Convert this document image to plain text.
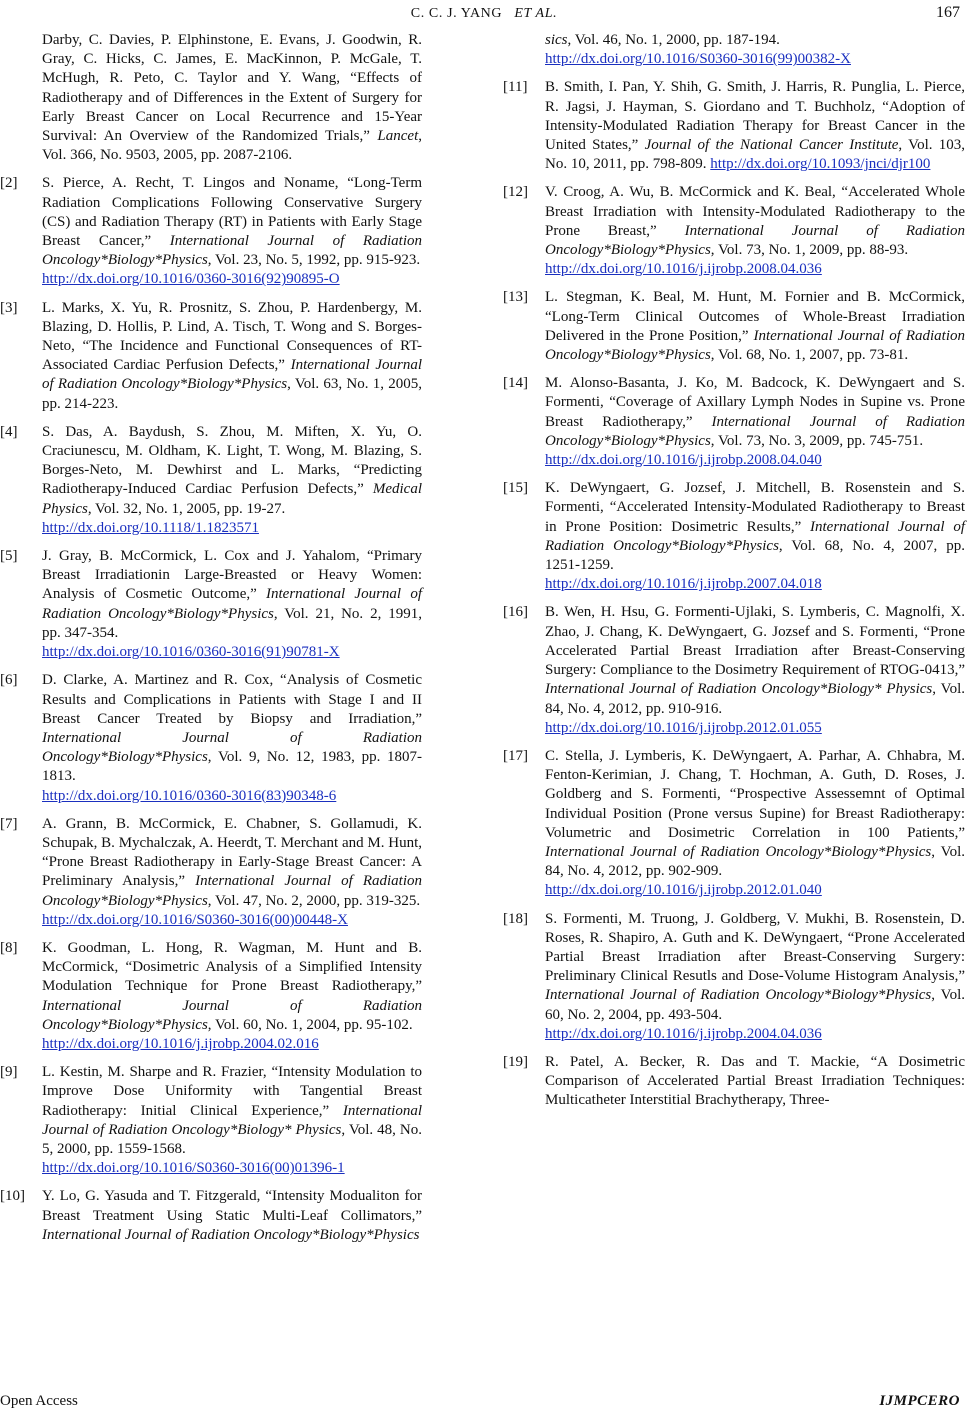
C. C. J. YANG ET AL.	167
Darby, C. Davies, P. Elphinstone, E. Evans, J. Goodwin, R. Gray, C. Hicks, C. James, E. MacKinnon, P. McGale, T. McHugh, R. Peto, C. Taylor and Y. Wang, “Effects of Radiotherapy and of Differences in the Extent of Surgery for Early Breast Cancer on Local Recurrence and 15-Year Survival: An Overview of the Randomized Trials,” Lancet, Vol. 366, No. 9503, 2005, pp. 2087-2106.
[2] S. Pierce, A. Recht, T. Lingos and Noname, “Long-Term Radiation Complications Following Conservative Surgery (CS) and Radiation Therapy (RT) in Patients with Early Stage Breast Cancer,” International Journal of Radiation Oncology*Biology*Physics, Vol. 23, No. 5, 1992, pp. 915-923.
http://dx.doi.org/10.1016/0360-3016(92)90895-O
[3] L. Marks, X. Yu, R. Prosnitz, S. Zhou, P. Hardenbergy, M. Blazing, D. Hollis, P. Lind, A. Tisch, T. Wong and S. Borges-Neto, “The Incidence and Functional Consequences of RT-Associated Cardiac Perfusion Defects,” International Journal of Radiation Oncology*Biology*Physics, Vol. 63, No. 1, 2005, pp. 214-223.
[4] S. Das, A. Baydush, S. Zhou, M. Miften, X. Yu, O. Craciunescu, M. Oldham, K. Light, T. Wong, M. Blazing, S. Borges-Neto, M. Dewhirst and L. Marks, “Predicting Radiotherapy-Induced Cardiac Perfusion Defects,” Medical Physics, Vol. 32, No. 1, 2005, pp. 19-27.
http://dx.doi.org/10.1118/1.1823571
[5] J. Gray, B. McCormick, L. Cox and J. Yahalom, “Primary Breast Irradiationin Large-Breasted or Heavy Women: Analysis of Cosmetic Outcome,” International Journal of Radiation Oncology*Biology*Physics, Vol. 21, No. 2, 1991, pp. 347-354.
http://dx.doi.org/10.1016/0360-3016(91)90781-X
[6] D. Clarke, A. Martinez and R. Cox, “Analysis of Cosmetic Results and Complications in Patients with Stage I and II Breast Cancer Treated by Biopsy and Irradiation,” International Journal of Radiation Oncology*Biology*Physics, Vol. 9, No. 12, 1983, pp. 1807-1813.
http://dx.doi.org/10.1016/0360-3016(83)90348-6
[7] A. Grann, B. McCormick, E. Chabner, S. Gollamudi, K. Schupak, B. Mychalczak, A. Heerdt, T. Merchant and M. Hunt, “Prone Breast Radiotherapy in Early-Stage Breast Cancer: A Preliminary Analysis,” International Journal of Radiation Oncology*Biology*Physics, Vol. 47, No. 2, 2000, pp. 319-325.
http://dx.doi.org/10.1016/S0360-3016(00)00448-X
[8] K. Goodman, L. Hong, R. Wagman, M. Hunt and B. McCormick, “Dosimetric Analysis of a Simplified Intensity Modulation Technique for Prone Breast Radiotherapy,” International Journal of Radiation Oncology*Biology*Physics, Vol. 60, No. 1, 2004, pp. 95-102.
http://dx.doi.org/10.1016/j.ijrobp.2004.02.016
[9] L. Kestin, M. Sharpe and R. Frazier, “Intensity Modulation to Improve Dose Uniformity with Tangential Breast Radiotherapy: Initial Clinical Experience,” International Journal of Radiation Oncology*Biology* Physics, Vol. 48, No. 5, 2000, pp. 1559-1568.
http://dx.doi.org/10.1016/S0360-3016(00)01396-1
[10] Y. Lo, G. Yasuda and T. Fitzgerald, “Intensity Modualiton for Breast Treatment Using Static Multi-Leaf Collimators,” International Journal of Radiation Oncology*Biology*Physics
sics, Vol. 46, No. 1, 2000, pp. 187-194.
http://dx.doi.org/10.1016/S0360-3016(99)00382-X
[11] B. Smith, I. Pan, Y. Shih, G. Smith, J. Harris, R. Punglia, L. Pierce, R. Jagsi, J. Hayman, S. Giordano and T. Buchholz, “Adoption of Intensity-Modulated Radiation Therapy for Breast Cancer in the United States,” Journal of the National Cancer Institute, Vol. 103, No. 10, 2011, pp. 798-809. http://dx.doi.org/10.1093/jnci/djr100
[12] V. Croog, A. Wu, B. McCormick and K. Beal, “Accelerated Whole Breast Irradiation with Intensity-Modulated Radiotherapy to the Prone Breast,” International Journal of Radiation Oncology*Biology*Physics, Vol. 73, No. 1, 2009, pp. 88-93.
http://dx.doi.org/10.1016/j.ijrobp.2008.04.036
[13] L. Stegman, K. Beal, M. Hunt, M. Fornier and B. McCormick, “Long-Term Clinical Outcomes of Whole-Breast Irradiation Delivered in the Prone Position,” International Journal of Radiation Oncology*Biology*Physics, Vol. 68, No. 1, 2007, pp. 73-81.
[14] M. Alonso-Basanta, J. Ko, M. Badcock, K. DeWyngaert and S. Formenti, “Coverage of Axillary Lymph Nodes in Supine vs. Prone Breast Radiotherapy,” International Journal of Radiation Oncology*Biology*Physics, Vol. 73, No. 3, 2009, pp. 745-751.
http://dx.doi.org/10.1016/j.ijrobp.2008.04.040
[15] K. DeWyngaert, G. Jozsef, J. Mitchell, B. Rosenstein and S. Formenti, “Accelerated Intensity-Modulated Radiotherapy to Breast in Prone Position: Dosimetric Results,” International Journal of Radiation Oncology*Biology*Physics, Vol. 68, No. 4, 2007, pp. 1251-1259.
http://dx.doi.org/10.1016/j.ijrobp.2007.04.018
[16] B. Wen, H. Hsu, G. Formenti-Ujlaki, S. Lymberis, C. Magnolfi, X. Zhao, J. Chang, K. DeWyngaert, G. Jozsef and S. Formenti, “Prone Accelerated Partial Breast Irradiation after Breast-Conserving Surgery: Compliance to the Dosimetry Requirement of RTOG-0413,” International Journal of Radiation Oncology*Biology* Physics, Vol. 84, No. 4, 2012, pp. 910-916.
http://dx.doi.org/10.1016/j.ijrobp.2012.01.055
[17] C. Stella, J. Lymberis, K. DeWyngaert, A. Parhar, A. Chhabra, M. Fenton-Kerimian, J. Chang, T. Hochman, A. Guth, D. Roses, J. Goldberg and S. Formenti, “Prospective Assessemnt of Optimal Individual Position (Prone versus Supine) for Breast Radiotherapy: Volumetric and Dosimetric Correlation in 100 Patients,” International Journal of Radiation Oncology*Biology*Physics, Vol. 84, No. 4, 2012, pp. 902-909.
http://dx.doi.org/10.1016/j.ijrobp.2012.01.040
[18] S. Formenti, M. Truong, J. Goldberg, V. Mukhi, B. Rosenstein, D. Roses, R. Shapiro, A. Guth and K. DeWyngaert, “Prone Accelerated Partial Breast Irradiation after Breast-Conserving Surgery: Preliminary Clinical Resutls and Dose-Volume Histogram Analysis,” International Journal of Radiation Oncology*Biology*Physics, Vol. 60, No. 2, 2004, pp. 493-504.
http://dx.doi.org/10.1016/j.ijrobp.2004.04.036
[19] R. Patel, A. Becker, R. Das and T. Mackie, “A Dosimetric Comparison of Accelerated Partial Breast Irradiation Techniques: Multicatheter Interstitial Brachytherapy, Three-
Open Access	IJMPCERO
